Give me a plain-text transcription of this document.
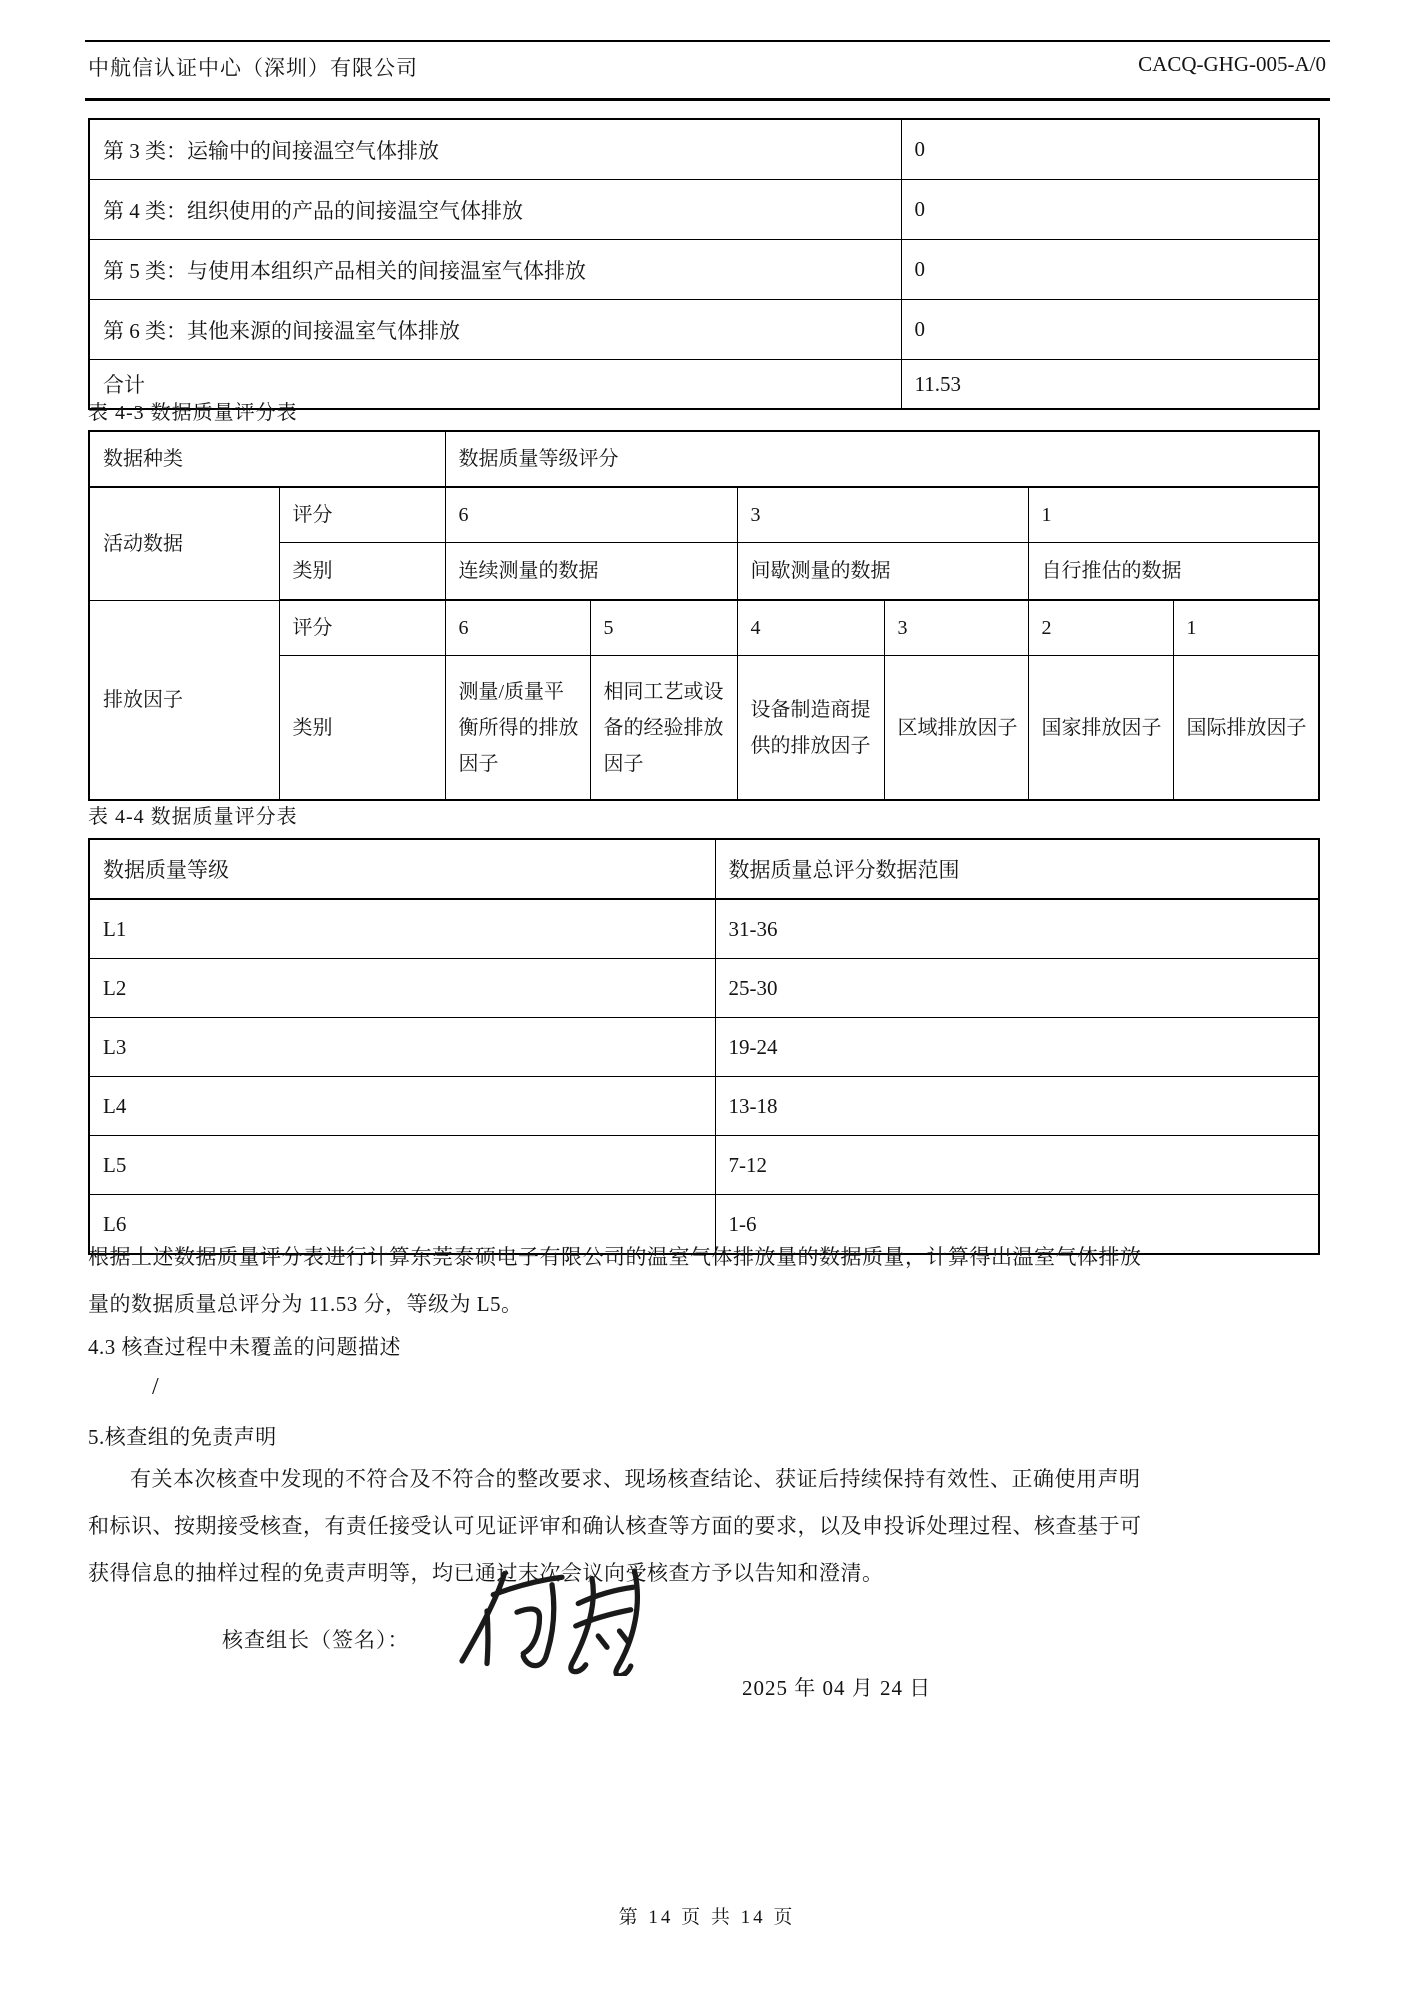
中航信认证中心（深圳）有限公司	CACQ-GHG-005-A/0
第 3 类：运输中的间接温空气体排放	0
第 4 类：组织使用的产品的间接温空气体排放	0
第 5 类：与使用本组织产品相关的间接温室气体排放	0
第 6 类：其他来源的间接温室气体排放	0
合计	11.53
表 4-3 数据质量评分表
数据种类		数据质量等级评分					
活动数据	评分	6		3		1	
	类别	连续测量的数据		间歇测量的数据		自行推估的数据	
排放因子	评分	6	5	4	3	2	1
	类别	测量/质量平衡所得的排放因子	相同工艺或设备的经验排放因子	设备制造商提供的排放因子	区域排放因子	国家排放因子	国际排放因子
表 4-4 数据质量评分表
数据质量等级	数据质量总评分数据范围
L1	31-36
L2	25-30
L3	19-24
L4	13-18
L5	7-12
L6	1-6
根据上述数据质量评分表进行计算东莞泰硕电子有限公司的温室气体排放量的数据质量，计算得出温室气体排放
量的数据质量总评分为 11.53 分，等级为 L5。
4.3 核查过程中未覆盖的问题描述
/
5.核查组的免责声明
有关本次核查中发现的不符合及不符合的整改要求、现场核查结论、获证后持续保持有效性、正确使用声明
和标识、按期接受核查，有责任接受认可见证评审和确认核查等方面的要求，以及申投诉处理过程、核查基于可
获得信息的抽样过程的免责声明等，均已通过末次会议向受核查方予以告知和澄清。
核查组长（签名）：
2025 年 04 月 24 日
第 14 页 共 14 页
